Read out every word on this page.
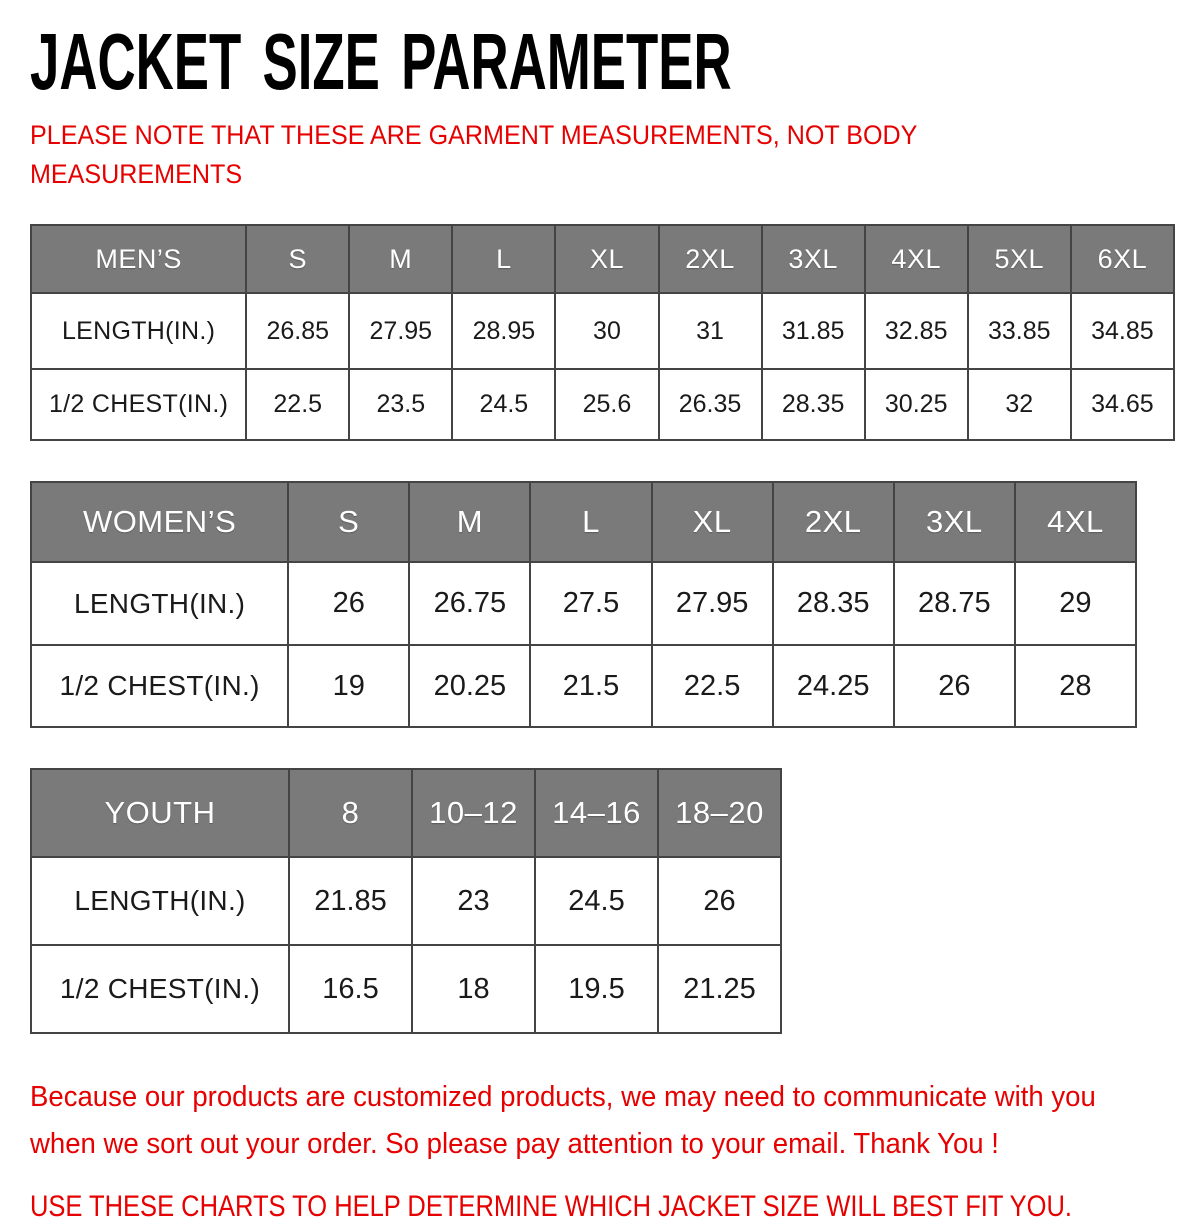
JACKET SIZE PARAMETER
PLEASE NOTE THAT THESE ARE GARMENT MEASUREMENTS, NOT BODY MEASUREMENTS
MEN’S	S	M	L	XL	2XL	3XL	4XL	5XL	6XL
LENGTH(IN.)	26.85	27.95	28.95	30	31	31.85	32.85	33.85	34.85
1/2 CHEST(IN.)	22.5	23.5	24.5	25.6	26.35	28.35	30.25	32	34.65
WOMEN’S	S	M	L	XL	2XL	3XL	4XL
LENGTH(IN.)	26	26.75	27.5	27.95	28.35	28.75	29
1/2 CHEST(IN.)	19	20.25	21.5	22.5	24.25	26	28
YOUTH	8	10–12	14–16	18–20
LENGTH(IN.)	21.85	23	24.5	26
1/2 CHEST(IN.)	16.5	18	19.5	21.25
Because our products are customized products, we may need to communicate with you when we sort out your order. So please pay attention to your email. Thank You !
USE THESE CHARTS TO HELP DETERMINE WHICH JACKET SIZE WILL BEST FIT YOU.
